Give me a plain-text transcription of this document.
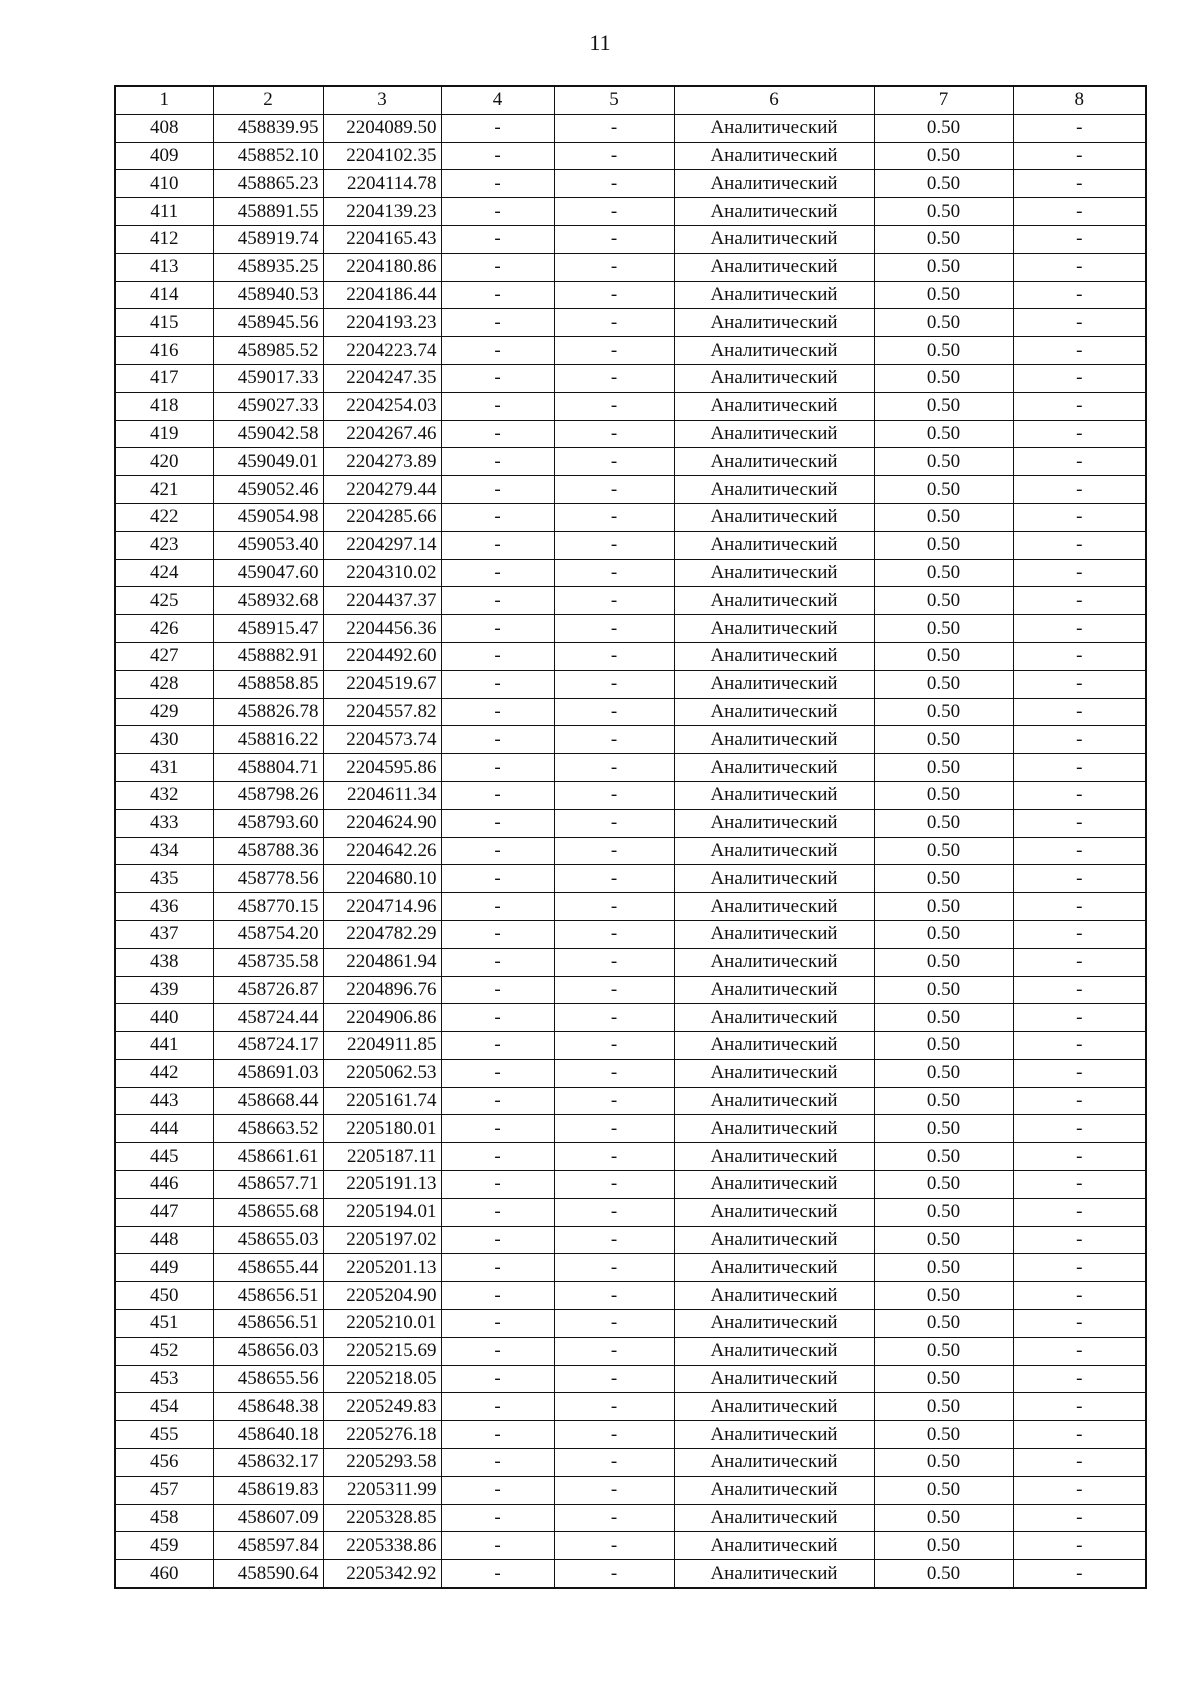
11
1	2	3	4	5	6	7	8
408	458839.95	2204089.50	-	-	Аналитический	0.50	-
409	458852.10	2204102.35	-	-	Аналитический	0.50	-
410	458865.23	2204114.78	-	-	Аналитический	0.50	-
411	458891.55	2204139.23	-	-	Аналитический	0.50	-
412	458919.74	2204165.43	-	-	Аналитический	0.50	-
413	458935.25	2204180.86	-	-	Аналитический	0.50	-
414	458940.53	2204186.44	-	-	Аналитический	0.50	-
415	458945.56	2204193.23	-	-	Аналитический	0.50	-
416	458985.52	2204223.74	-	-	Аналитический	0.50	-
417	459017.33	2204247.35	-	-	Аналитический	0.50	-
418	459027.33	2204254.03	-	-	Аналитический	0.50	-
419	459042.58	2204267.46	-	-	Аналитический	0.50	-
420	459049.01	2204273.89	-	-	Аналитический	0.50	-
421	459052.46	2204279.44	-	-	Аналитический	0.50	-
422	459054.98	2204285.66	-	-	Аналитический	0.50	-
423	459053.40	2204297.14	-	-	Аналитический	0.50	-
424	459047.60	2204310.02	-	-	Аналитический	0.50	-
425	458932.68	2204437.37	-	-	Аналитический	0.50	-
426	458915.47	2204456.36	-	-	Аналитический	0.50	-
427	458882.91	2204492.60	-	-	Аналитический	0.50	-
428	458858.85	2204519.67	-	-	Аналитический	0.50	-
429	458826.78	2204557.82	-	-	Аналитический	0.50	-
430	458816.22	2204573.74	-	-	Аналитический	0.50	-
431	458804.71	2204595.86	-	-	Аналитический	0.50	-
432	458798.26	2204611.34	-	-	Аналитический	0.50	-
433	458793.60	2204624.90	-	-	Аналитический	0.50	-
434	458788.36	2204642.26	-	-	Аналитический	0.50	-
435	458778.56	2204680.10	-	-	Аналитический	0.50	-
436	458770.15	2204714.96	-	-	Аналитический	0.50	-
437	458754.20	2204782.29	-	-	Аналитический	0.50	-
438	458735.58	2204861.94	-	-	Аналитический	0.50	-
439	458726.87	2204896.76	-	-	Аналитический	0.50	-
440	458724.44	2204906.86	-	-	Аналитический	0.50	-
441	458724.17	2204911.85	-	-	Аналитический	0.50	-
442	458691.03	2205062.53	-	-	Аналитический	0.50	-
443	458668.44	2205161.74	-	-	Аналитический	0.50	-
444	458663.52	2205180.01	-	-	Аналитический	0.50	-
445	458661.61	2205187.11	-	-	Аналитический	0.50	-
446	458657.71	2205191.13	-	-	Аналитический	0.50	-
447	458655.68	2205194.01	-	-	Аналитический	0.50	-
448	458655.03	2205197.02	-	-	Аналитический	0.50	-
449	458655.44	2205201.13	-	-	Аналитический	0.50	-
450	458656.51	2205204.90	-	-	Аналитический	0.50	-
451	458656.51	2205210.01	-	-	Аналитический	0.50	-
452	458656.03	2205215.69	-	-	Аналитический	0.50	-
453	458655.56	2205218.05	-	-	Аналитический	0.50	-
454	458648.38	2205249.83	-	-	Аналитический	0.50	-
455	458640.18	2205276.18	-	-	Аналитический	0.50	-
456	458632.17	2205293.58	-	-	Аналитический	0.50	-
457	458619.83	2205311.99	-	-	Аналитический	0.50	-
458	458607.09	2205328.85	-	-	Аналитический	0.50	-
459	458597.84	2205338.86	-	-	Аналитический	0.50	-
460	458590.64	2205342.92	-	-	Аналитический	0.50	-
